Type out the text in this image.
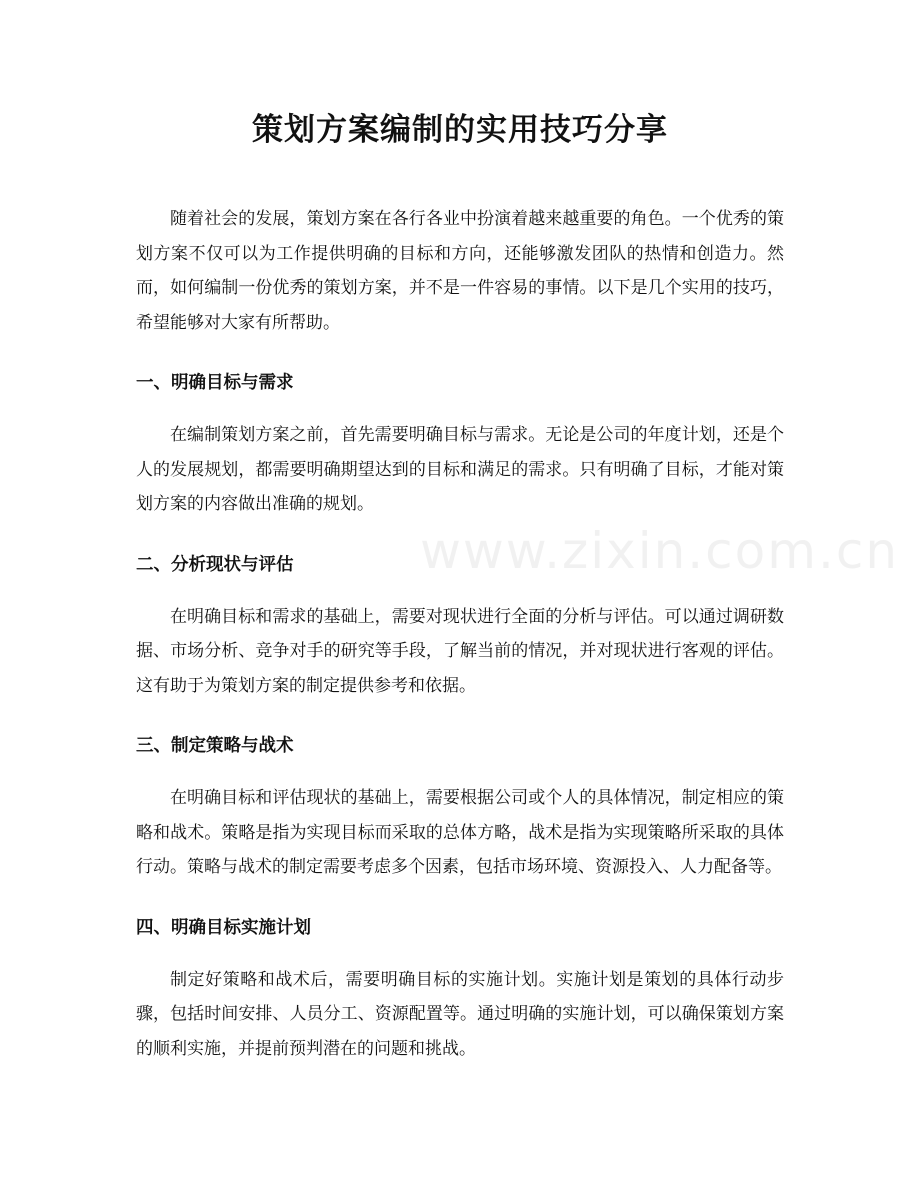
策划方案编制的实用技巧分享

随着社会的发展，策划方案在各行各业中扮演着越来越重要的角色。一个优秀的策划方案不仅可以为工作提供明确的目标和方向，还能够激发团队的热情和创造力。然而，如何编制一份优秀的策划方案，并不是一件容易的事情。以下是几个实用的技巧，希望能够对大家有所帮助。

一、明确目标与需求

在编制策划方案之前，首先需要明确目标与需求。无论是公司的年度计划，还是个人的发展规划，都需要明确期望达到的目标和满足的需求。只有明确了目标，才能对策划方案的内容做出准确的规划。

二、分析现状与评估

在明确目标和需求的基础上，需要对现状进行全面的分析与评估。可以通过调研数据、市场分析、竞争对手的研究等手段，了解当前的情况，并对现状进行客观的评估。这有助于为策划方案的制定提供参考和依据。

三、制定策略与战术

在明确目标和评估现状的基础上，需要根据公司或个人的具体情况，制定相应的策略和战术。策略是指为实现目标而采取的总体方略，战术是指为实现策略所采取的具体行动。策略与战术的制定需要考虑多个因素，包括市场环境、资源投入、人力配备等。

四、明确目标实施计划

制定好策略和战术后，需要明确目标的实施计划。实施计划是策划的具体行动步骤，包括时间安排、人员分工、资源配置等。通过明确的实施计划，可以确保策划方案的顺利实施，并提前预判潜在的问题和挑战。

www.zixin.com.cn
